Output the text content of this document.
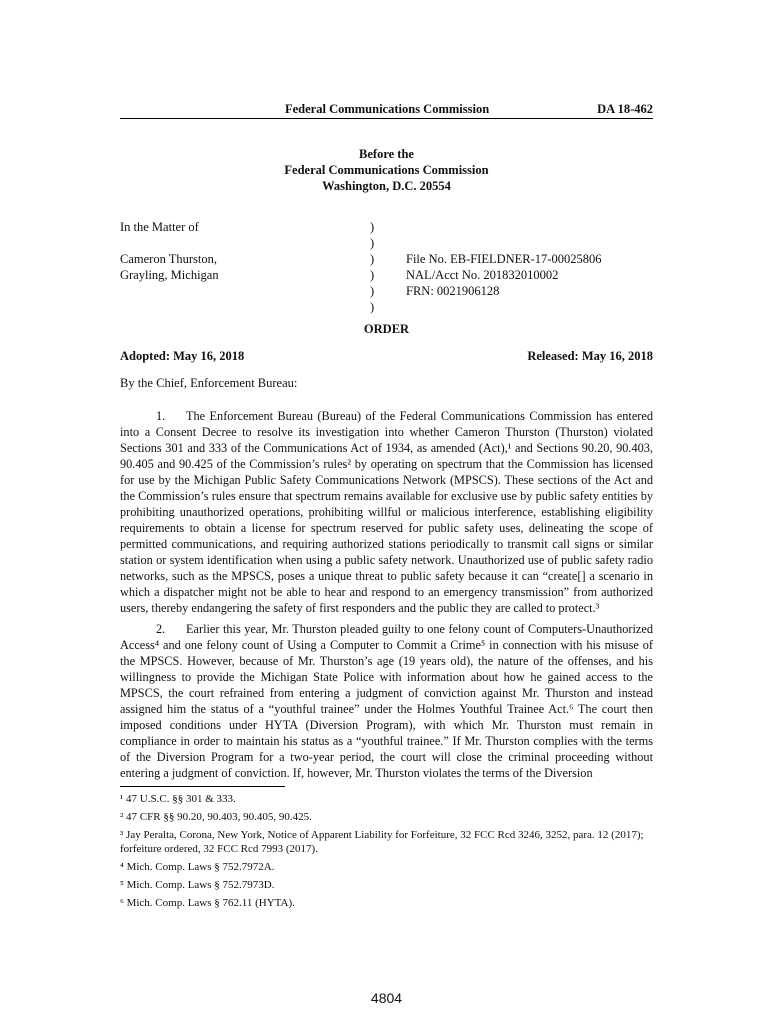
Federal Communications Commission	DA 18-462
Before the
Federal Communications Commission
Washington, D.C. 20554
In the Matter of
Cameron Thurston,
Grayling, Michigan
)
)
)
)
)
)
File No. EB-FIELDNER-17-00025806
NAL/Acct No. 201832010002
FRN: 0021906128
ORDER
Adopted: May 16, 2018	Released: May 16, 2018
By the Chief, Enforcement Bureau:
1. The Enforcement Bureau (Bureau) of the Federal Communications Commission has entered into a Consent Decree to resolve its investigation into whether Cameron Thurston (Thurston) violated Sections 301 and 333 of the Communications Act of 1934, as amended (Act),¹ and Sections 90.20, 90.403, 90.405 and 90.425 of the Commission’s rules² by operating on spectrum that the Commission has licensed for use by the Michigan Public Safety Communications Network (MPSCS). These sections of the Act and the Commission’s rules ensure that spectrum remains available for exclusive use by public safety entities by prohibiting unauthorized operations, prohibiting willful or malicious interference, establishing eligibility requirements to obtain a license for spectrum reserved for public safety uses, delineating the scope of permitted communications, and requiring authorized stations periodically to transmit call signs or similar station or system identification when using a public safety network. Unauthorized use of public safety radio networks, such as the MPSCS, poses a unique threat to public safety because it can “create[] a scenario in which a dispatcher might not be able to hear and respond to an emergency transmission” from authorized users, thereby endangering the safety of first responders and the public they are called to protect.³
2. Earlier this year, Mr. Thurston pleaded guilty to one felony count of Computers-Unauthorized Access⁴ and one felony count of Using a Computer to Commit a Crime⁵ in connection with his misuse of the MPSCS. However, because of Mr. Thurston’s age (19 years old), the nature of the offenses, and his willingness to provide the Michigan State Police with information about how he gained access to the MPSCS, the court refrained from entering a judgment of conviction against Mr. Thurston and instead assigned him the status of a “youthful trainee” under the Holmes Youthful Trainee Act.⁶ The court then imposed conditions under HYTA (Diversion Program), with which Mr. Thurston must remain in compliance in order to maintain his status as a “youthful trainee.” If Mr. Thurston complies with the terms of the Diversion Program for a two-year period, the court will close the criminal proceeding without entering a judgment of conviction. If, however, Mr. Thurston violates the terms of the Diversion
¹ 47 U.S.C. §§ 301 & 333.
² 47 CFR §§ 90.20, 90.403, 90.405, 90.425.
³ Jay Peralta, Corona, New York, Notice of Apparent Liability for Forfeiture, 32 FCC Rcd 3246, 3252, para. 12 (2017); forfeiture ordered, 32 FCC Rcd 7993 (2017).
⁴ Mich. Comp. Laws § 752.7972A.
⁵ Mich. Comp. Laws § 752.7973D.
⁶ Mich. Comp. Laws § 762.11 (HYTA).
4804
